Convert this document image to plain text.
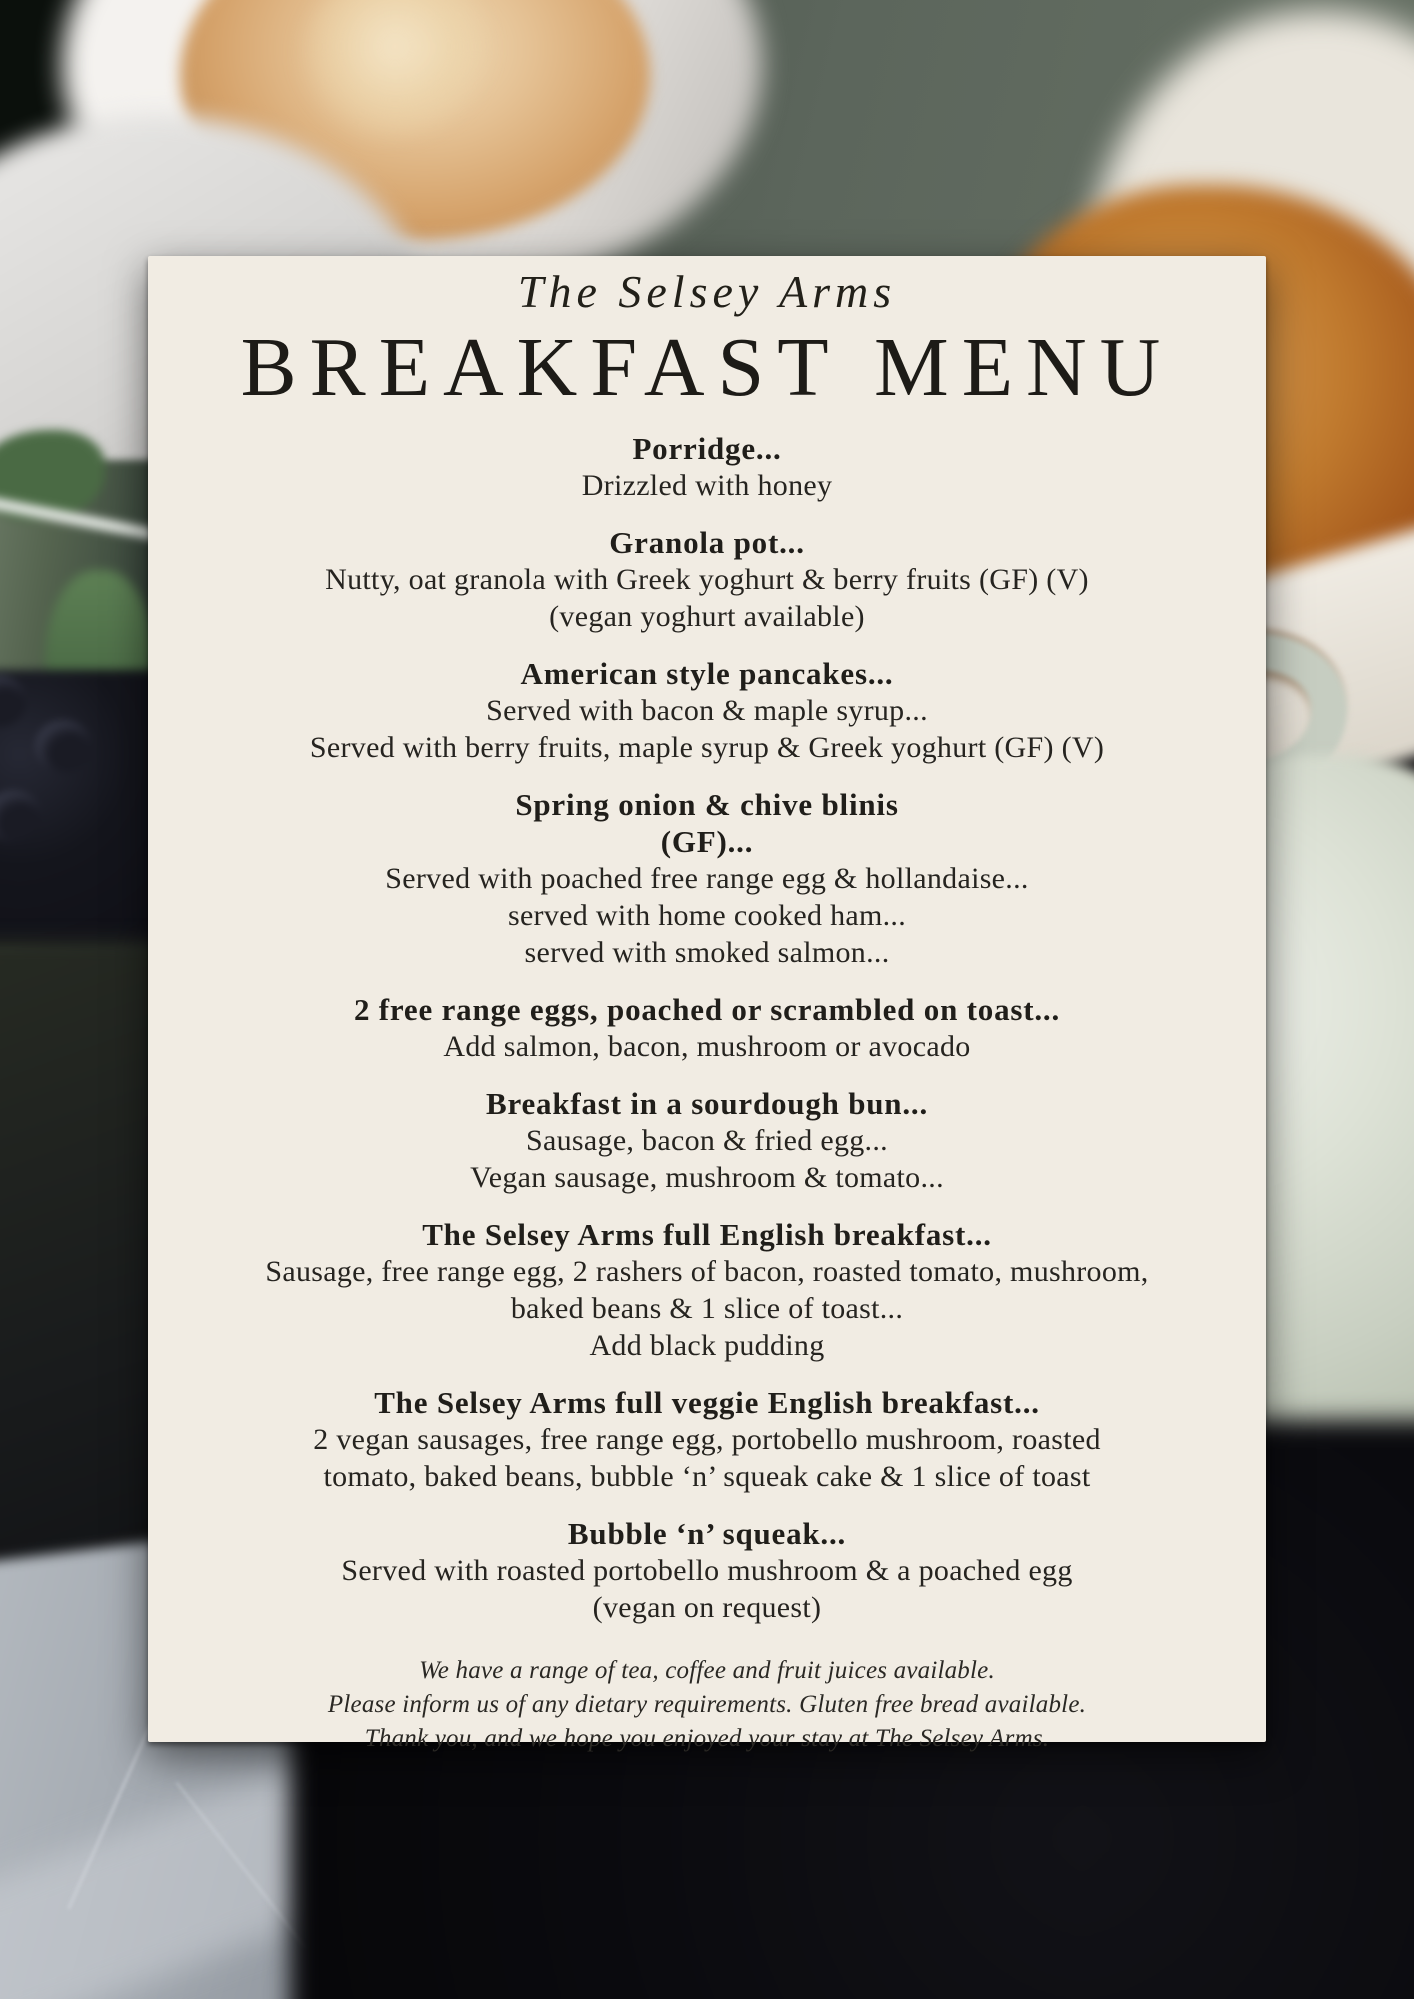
The Selsey Arms
BREAKFAST MENU
Porridge...
Drizzled with honey
Granola pot...
Nutty, oat granola with Greek yoghurt & berry fruits (GF) (V)
(vegan yoghurt available)
American style pancakes...
Served with bacon & maple syrup...
Served with berry fruits, maple syrup & Greek yoghurt (GF) (V)
Spring onion & chive blinis
(GF)...
Served with poached free range egg & hollandaise...
served with home cooked ham...
served with smoked salmon...
2 free range eggs, poached or scrambled on toast...
Add salmon, bacon, mushroom or avocado
Breakfast in a sourdough bun...
Sausage, bacon & fried egg...
Vegan sausage, mushroom & tomato...
The Selsey Arms full English breakfast...
Sausage, free range egg, 2 rashers of bacon, roasted tomato, mushroom,
baked beans & 1 slice of toast...
Add black pudding
The Selsey Arms full veggie English breakfast...
2 vegan sausages, free range egg, portobello mushroom, roasted
tomato, baked beans, bubble ‘n’ squeak cake & 1 slice of toast
Bubble ‘n’ squeak...
Served with roasted portobello mushroom & a poached egg
(vegan on request)
We have a range of tea, coffee and fruit juices available.
Please inform us of any dietary requirements. Gluten free bread available.
Thank you, and we hope you enjoyed your stay at The Selsey Arms.
